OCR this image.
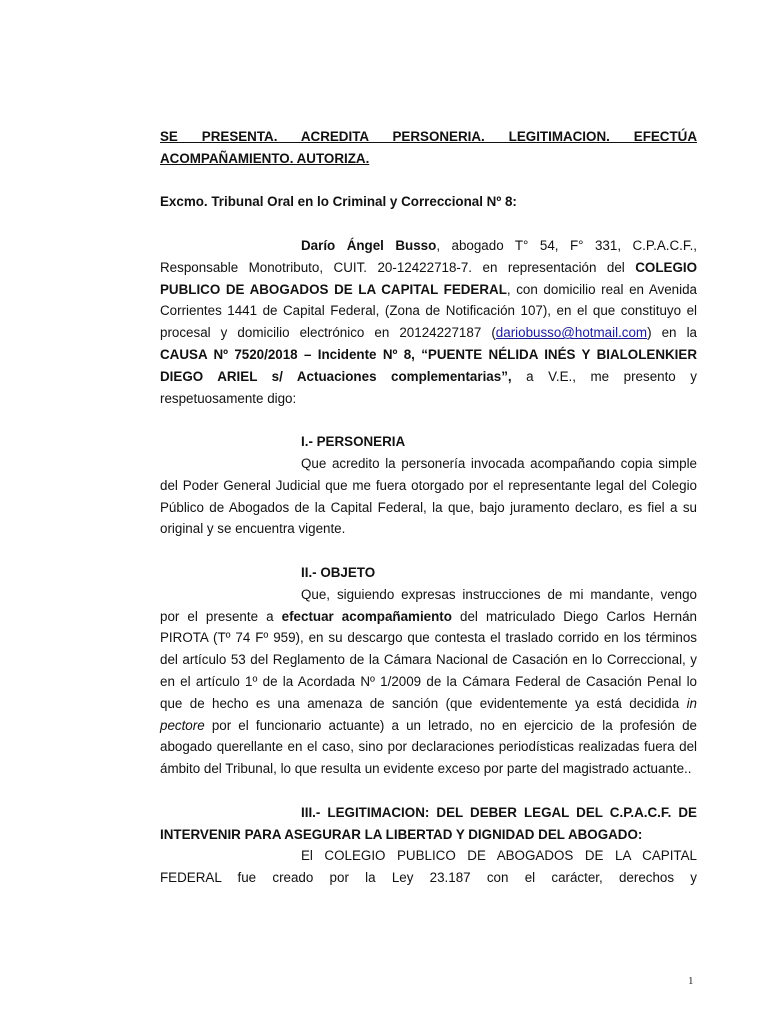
SE PRESENTA. ACREDITA PERSONERIA. LEGITIMACION. EFECTÚA

ACOMPAÑAMIENTO. AUTORIZA.

Excmo. Tribunal Oral en lo Criminal y Correccional Nº 8:

Darío Ángel Busso, abogado T° 54, F° 331, C.P.A.C.F., Responsable Monotributo, CUIT. 20-12422718-7. en representación del COLEGIO PUBLICO DE ABOGADOS DE LA CAPITAL FEDERAL, con domicilio real en Avenida Corrientes 1441 de Capital Federal, (Zona de Notificación 107), en el que constituyo el procesal y domicilio electrónico en 20124227187 (dariobusso@hotmail.com) en la CAUSA Nº 7520/2018 – Incidente Nº 8, “PUENTE NÉLIDA INÉS Y BIALOLENKIER DIEGO ARIEL s/ Actuaciones complementarias”, a V.E., me presento y respetuosamente digo:

I.- PERSONERIA

Que acredito la personería invocada acompañando copia simple del Poder General Judicial que me fuera otorgado por el representante legal del Colegio Público de Abogados de la Capital Federal, la que, bajo juramento declaro, es fiel a su original y se encuentra vigente.

II.- OBJETO

Que, siguiendo expresas instrucciones de mi mandante, vengo por el presente a efectuar acompañamiento del matriculado Diego Carlos Hernán PIROTA (Tº 74 Fº 959), en su descargo que contesta el traslado corrido en los términos del artículo 53 del Reglamento de la Cámara Nacional de Casación en lo Correccional, y en el artículo 1º de la Acordada Nº 1/2009 de la Cámara Federal de Casación Penal lo que de hecho es una amenaza de sanción (que evidentemente ya está decidida in pectore por el funcionario actuante) a un letrado, no en ejercicio de la profesión de abogado querellante en el caso, sino por declaraciones periodísticas realizadas fuera del ámbito del Tribunal, lo que resulta un evidente exceso por parte del magistrado actuante..

III.- LEGITIMACION: DEL DEBER LEGAL DEL C.P.A.C.F. DE INTERVENIR PARA ASEGURAR LA LIBERTAD Y DIGNIDAD DEL ABOGADO:

El COLEGIO PUBLICO DE ABOGADOS DE LA CAPITAL FEDERAL fue creado por la Ley 23.187 con el carácter, derechos y

1
